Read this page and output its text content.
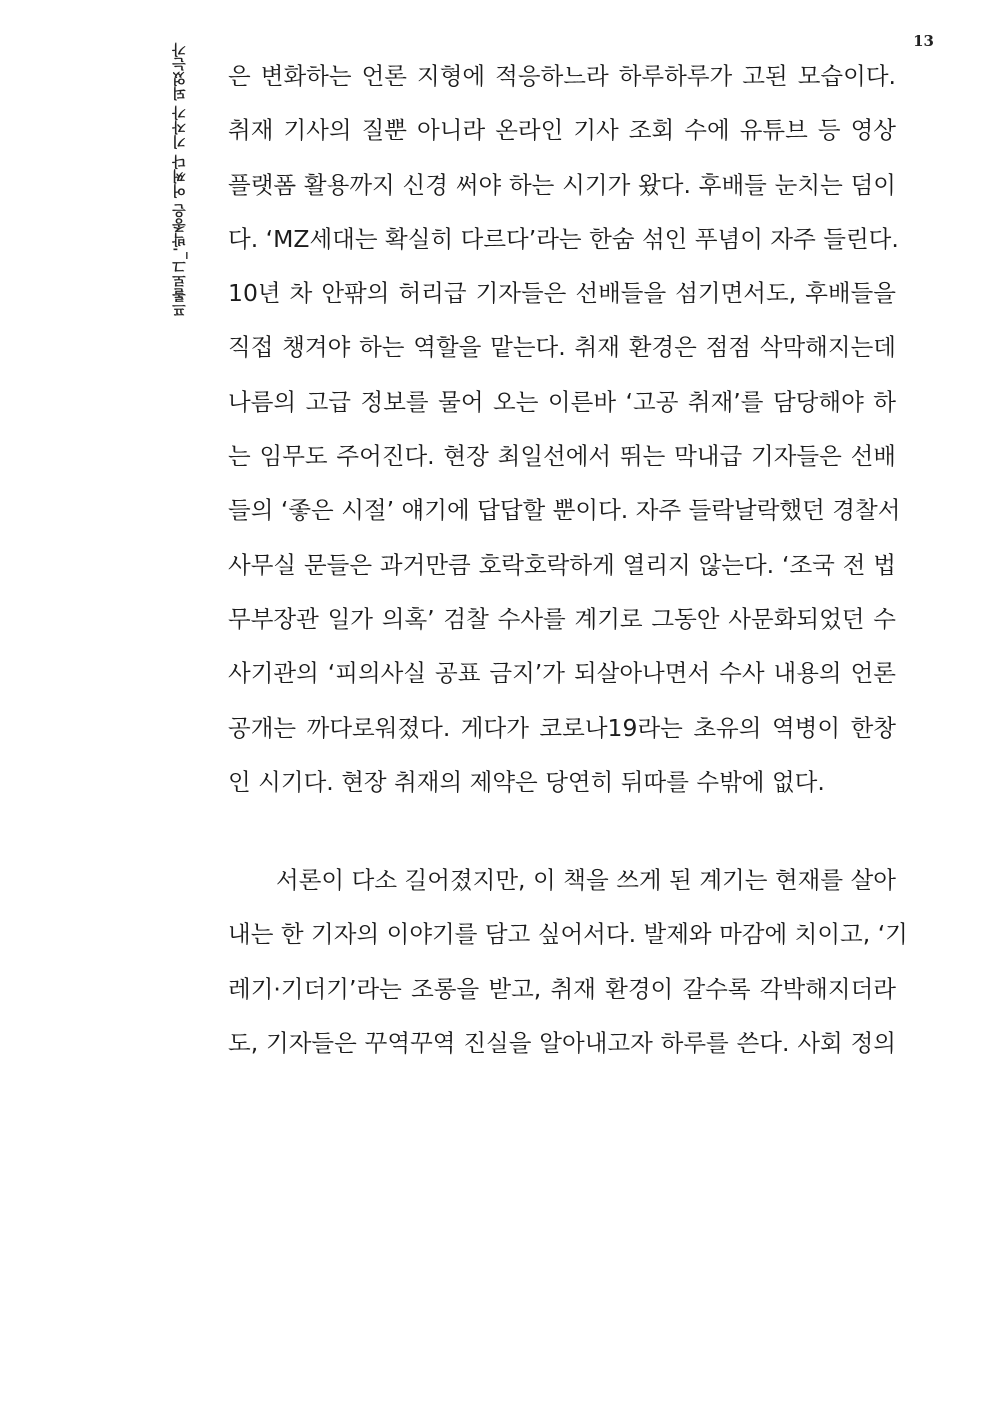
13
프롤로그_'박종은 어쩌다 기자가 되었는가 은 변화하는 언론 지형에 적응하느라 하루하루가 고된 모습이다.
취재 기사의 질뿐 아니라 온라인 기사 조회 수에 유튜브 등 영상
플랫폼 활용까지 신경 써야 하는 시기가 왔다. 후배들 눈치는 덤이
다. ‘MZ세대는 확실히 다르다’라는 한숨 섞인 푸념이 자주 들린다.
10년 차 안팎의 허리급 기자들은 선배들을 섬기면서도, 후배들을
직접 챙겨야 하는 역할을 맡는다. 취재 환경은 점점 삭막해지는데
나름의 고급 정보를 물어 오는 이른바 ‘고공 취재’를 담당해야 하
는 임무도 주어진다. 현장 최일선에서 뛰는 막내급 기자들은 선배
들의 ‘좋은 시절’ 얘기에 답답할 뿐이다. 자주 들락날락했던 경찰서
사무실 문들은 과거만큼 호락호락하게 열리지 않는다. ‘조국 전 법
무부장관 일가 의혹’ 검찰 수사를 계기로 그동안 사문화되었던 수
사기관의 ‘피의사실 공표 금지’가 되살아나면서 수사 내용의 언론
공개는 까다로워졌다. 게다가 코로나19라는 초유의 역병이 한창
인 시기다. 현장 취재의 제약은 당연히 뒤따를 수밖에 없다.
서론이 다소 길어졌지만, 이 책을 쓰게 된 계기는 현재를 살아
내는 한 기자의 이야기를 담고 싶어서다. 발제와 마감에 치이고, ‘기
레기·기더기’라는 조롱을 받고, 취재 환경이 갈수록 각박해지더라
도, 기자들은 꾸역꾸역 진실을 알아내고자 하루를 쓴다. 사회 정의
